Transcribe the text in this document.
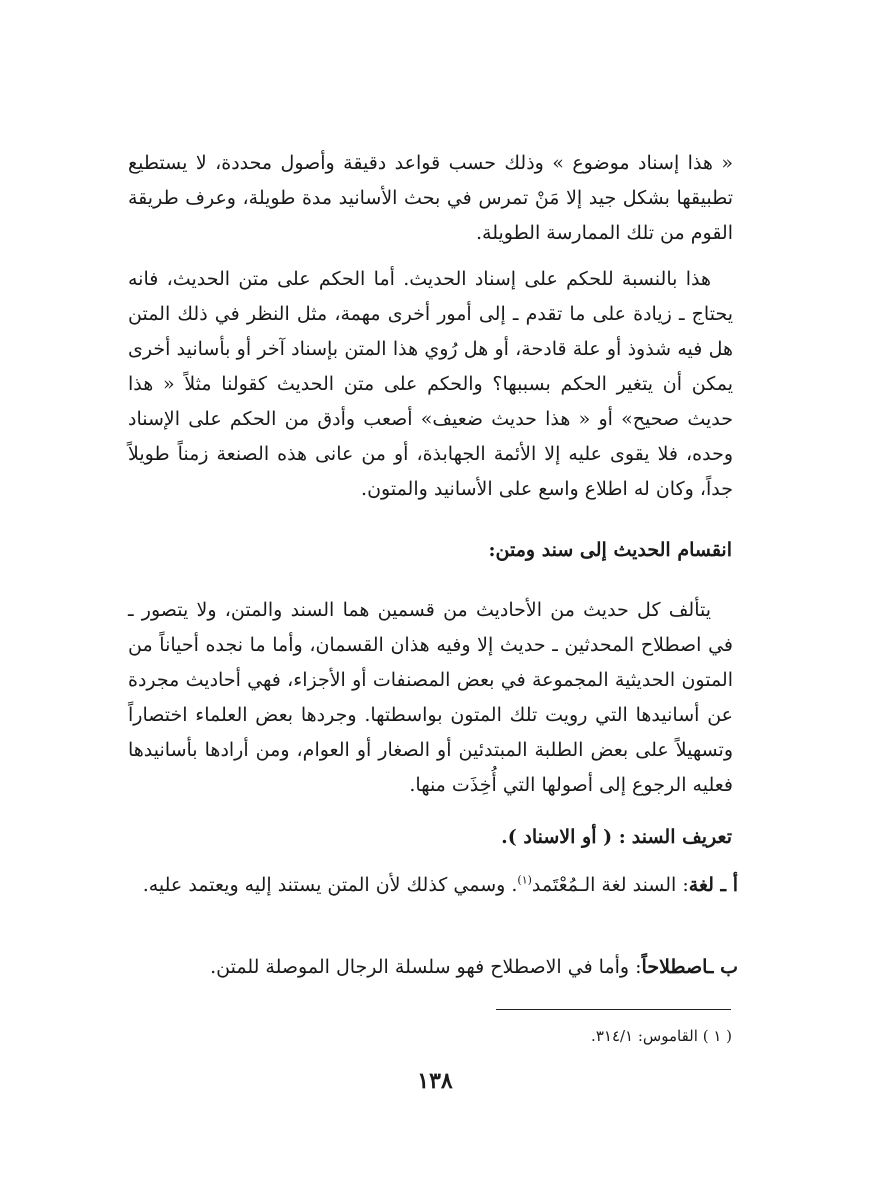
« هذا إسناد موضوع » وذلك حسب قواعد دقيقة وأصول محددة، لا يستطيع تطبيقها بشكل جيد إلا مَنْ تمرس في بحث الأسانيد مدة طويلة، وعرف طريقة القوم من تلك الممارسة الطويلة.
هذا بالنسبة للحكم على إسناد الحديث. أما الحكم على متن الحديث، فانه يحتاج ـ زيادة على ما تقدم ـ إلى أمور أخرى مهمة، مثل النظر في ذلك المتن هل فيه شذوذ أو علة قادحة، أو هل رُوي هذا المتن بإسناد آخر أو بأسانيد أخرى يمكن أن يتغير الحكم بسببها؟ والحكم على متن الحديث كقولنا مثلاً « هذا حديث صحيح» أو « هذا حديث ضعيف» أصعب وأدق من الحكم على الإسناد وحده، فلا يقوى عليه إلا الأئمة الجهابذة، أو من عانى هذه الصنعة زمناً طويلاً جداً، وكان له اطلاع واسع على الأسانيد والمتون.
انقسام الحديث إلى سند ومتن:
يتألف كل حديث من الأحاديث من قسمين هما السند والمتن، ولا يتصور ـ في اصطلاح المحدثين ـ حديث إلا وفيه هذان القسمان، وأما ما نجده أحياناً من المتون الحديثية المجموعة في بعض المصنفات أو الأجزاء، فهي أحاديث مجردة عن أسانيدها التي رويت تلك المتون بواسطتها. وجردها بعض العلماء اختصاراً وتسهيلاً على بعض الطلبة المبتدئين أو الصغار أو العوام، ومن أرادها بأسانيدها فعليه الرجوع إلى أصولها التي أُخِذَت منها.
تعريف السند : ( أو الاسناد ).
أ ـ لغة: السند لغة الـمُعْتَمد$^{(١)}$. وسمي كذلك لأن المتن يستند إليه ويعتمد عليه.
ب ـاصطلاحاً: وأما في الاصطلاح فهو سلسلة الرجال الموصلة للمتن.
( ١ ) القاموس: ٣١٤/١.
١٣٨
